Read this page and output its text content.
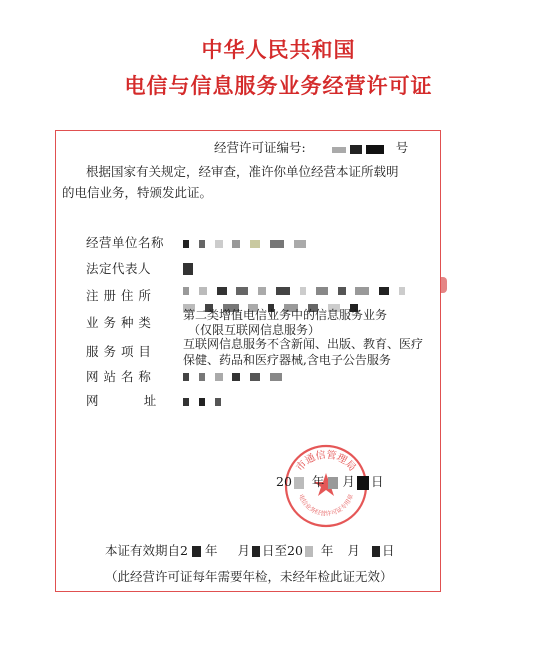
中华人民共和国
电信与信息服务业务经营许可证
经营许可证编号:	号
根据国家有关规定，经审查，准许你单位经营本证所载明
的电信业务，特颁发此证。
经营单位名称

法定代表人
注 册 住 所

业 务 种 类	第二类增值电信业务中的信息服务业务
（仅限互联网信息服务）
服 务 项 目	互联网信息服务不含新闻、出版、教育、医疗
保健、药品和医疗器械,含电子公告服务
网 站 名 称

网          址

市通信管理局
电信业务经营许可证专用章
20 年 月 日
本证有效期自2 年 月 日至20 年 月 日
（此经营许可证每年需要年检，未经年检此证无效）
